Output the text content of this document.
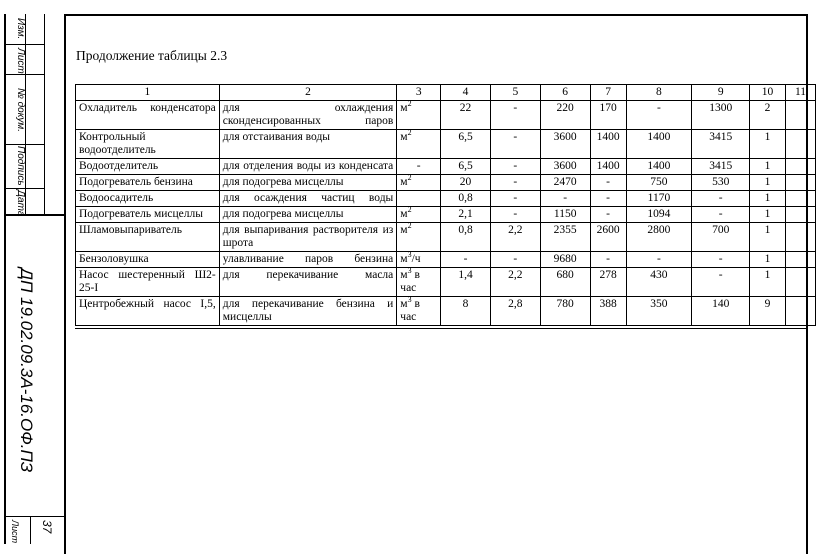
Изм.
Лист
№ докум.
Подпись
Дата
ДП 19.02.09.3А-16.ОФ.ПЗ
Лист 37
Продолжение таблицы 2.3
1	2	3	4	5	6	7	8	9	10	11
Охладитель конденсатора	для охлаждения сконденсированных паров	$м^2$	22	-	220	170	-	1300	2	
Контрольный водоотделитель	для отстаивания воды	$м^2$	6,5	-	3600	1400	1400	3415	1	
Водоотделитель	для отделения воды из конденсата	-	6,5	-	3600	1400	1400	3415	1	
Подогреватель бензина	для подогрева мисцеллы	$м^2$	20	-	2470	-	750	530	1	
Водоосадитель	для осаждения частиц воды		0,8	-	-	-	1170	-	1	
Подогреватель мисцеллы	для подогрева мисцеллы	$м^2$	2,1	-	1150	-	1094	-	1	
Шламовыпариватель	для выпаривания растворителя из шрота	$м^2$	0,8	2,2	2355	2600	2800	700	1	
Бензоловушка	улавливание паров бензина	$м^3/ч$	-	-	9680	-	-	-	1	
Насос шестеренный Ш2-25-I	для перекачивание масла	$м^3$ в час	1,4	2,2	680	278	430	-	1	
Центробежный насос I,5,	для перекачивание бензина и мисцеллы	$м^3$ в час	8	2,8	780	388	350	140	9	
